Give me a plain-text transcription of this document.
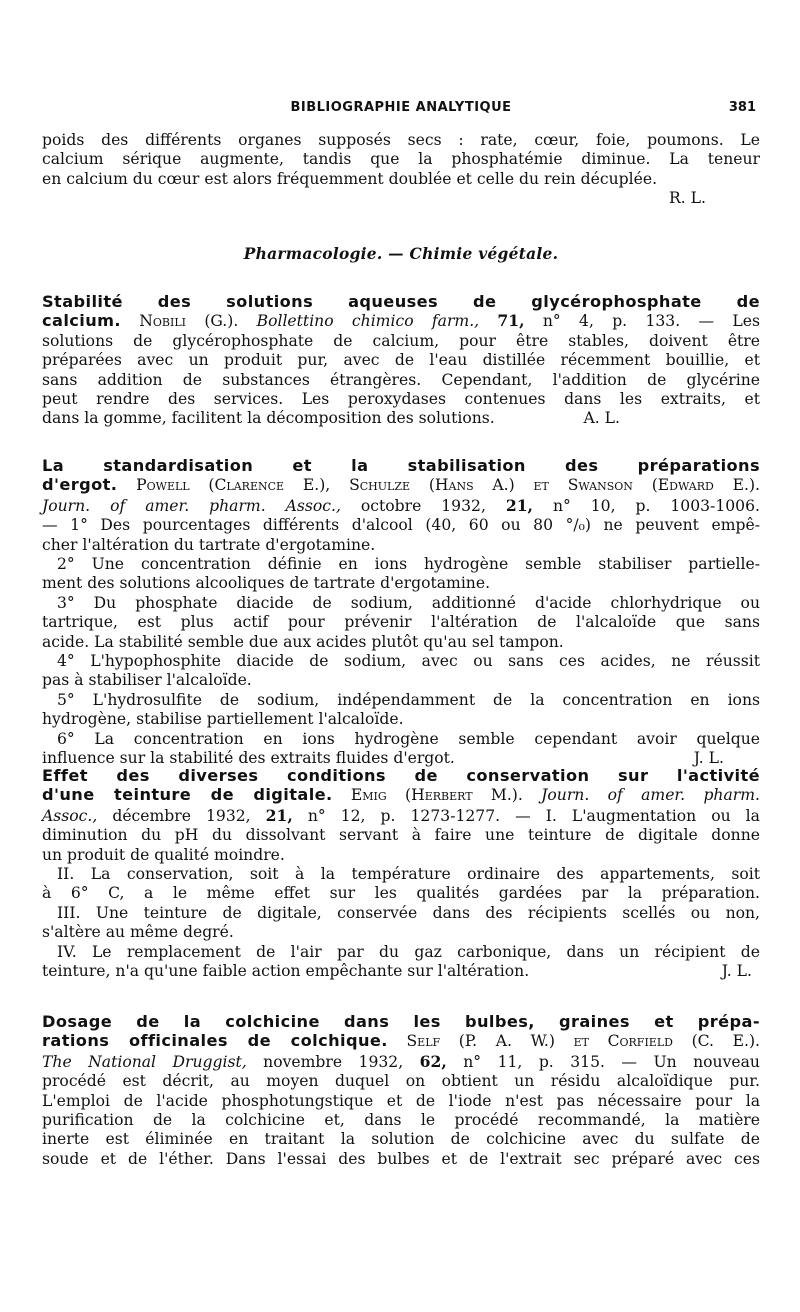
BIBLIOGRAPHIE ANALYTIQUE	381
poids des différents organes supposés secs : rate, cœur, foie, poumons. Le
calcium sérique augmente, tandis que la phosphatémie diminue. La teneur
en calcium du cœur est alors fréquemment doublée et celle du rein décuplée.
R. L.
Pharmacologie. — Chimie végétale.
Stabilité des solutions aqueuses de glycérophosphate de
calcium. Nobili (G.). Bollettino chimico farm., 71, n° 4, p. 133. — Les
solutions de glycérophosphate de calcium, pour être stables, doivent être
préparées avec un produit pur, avec de l'eau distillée récemment bouillie, et
sans addition de substances étrangères. Cependant, l'addition de glycérine
peut rendre des services. Les peroxydases contenues dans les extraits, et
dans la gomme, facilitent la décomposition des solutions.	A. L.
La standardisation et la stabilisation des préparations
d'ergot. Powell (Clarence E.), Schulze (Hans A.) et Swanson (Edward E.).
Journ. of amer. pharm. Assoc., octobre 1932, 21, n° 10, p. 1003-1006.
— 1° Des pourcentages différents d'alcool (40, 60 ou 80 °/₀) ne peuvent empê-
cher l'altération du tartrate d'ergotamine.
2° Une concentration définie en ions hydrogène semble stabiliser partielle-
ment des solutions alcooliques de tartrate d'ergotamine.
3° Du phosphate diacide de sodium, additionné d'acide chlorhydrique ou
tartrique, est plus actif pour prévenir l'altération de l'alcaloïde que sans
acide. La stabilité semble due aux acides plutôt qu'au sel tampon.
4° L'hypophosphite diacide de sodium, avec ou sans ces acides, ne réussit
pas à stabiliser l'alcaloïde.
5° L'hydrosulfite de sodium, indépendamment de la concentration en ions
hydrogène, stabilise partiellement l'alcaloïde.
6° La concentration en ions hydrogène semble cependant avoir quelque
influence sur la stabilité des extraits fluides d'ergot.	J. L.
Effet des diverses conditions de conservation sur l'activité
d'une teinture de digitale. Emig (Herbert M.). Journ. of amer. pharm.
Assoc., décembre 1932, 21, n° 12, p. 1273-1277. — I. L'augmentation ou la
diminution du pH du dissolvant servant à faire une teinture de digitale donne
un produit de qualité moindre.
II. La conservation, soit à la température ordinaire des appartements, soit
à 6° C, a le même effet sur les qualités gardées par la préparation.
III. Une teinture de digitale, conservée dans des récipients scellés ou non,
s'altère au même degré.
IV. Le remplacement de l'air par du gaz carbonique, dans un récipient de
teinture, n'a qu'une faible action empêchante sur l'altération.	J. L.
Dosage de la colchicine dans les bulbes, graines et prépa-
rations officinales de colchique. Self (P. A. W.) et Corfield (C. E.).
The National Druggist, novembre 1932, 62, n° 11, p. 315. — Un nouveau
procédé est décrit, au moyen duquel on obtient un résidu alcaloïdique pur.
L'emploi de l'acide phosphotungstique et de l'iode n'est pas nécessaire pour la
purification de la colchicine et, dans le procédé recommandé, la matière
inerte est éliminée en traitant la solution de colchicine avec du sulfate de
soude et de l'éther. Dans l'essai des bulbes et de l'extrait sec préparé avec ces
